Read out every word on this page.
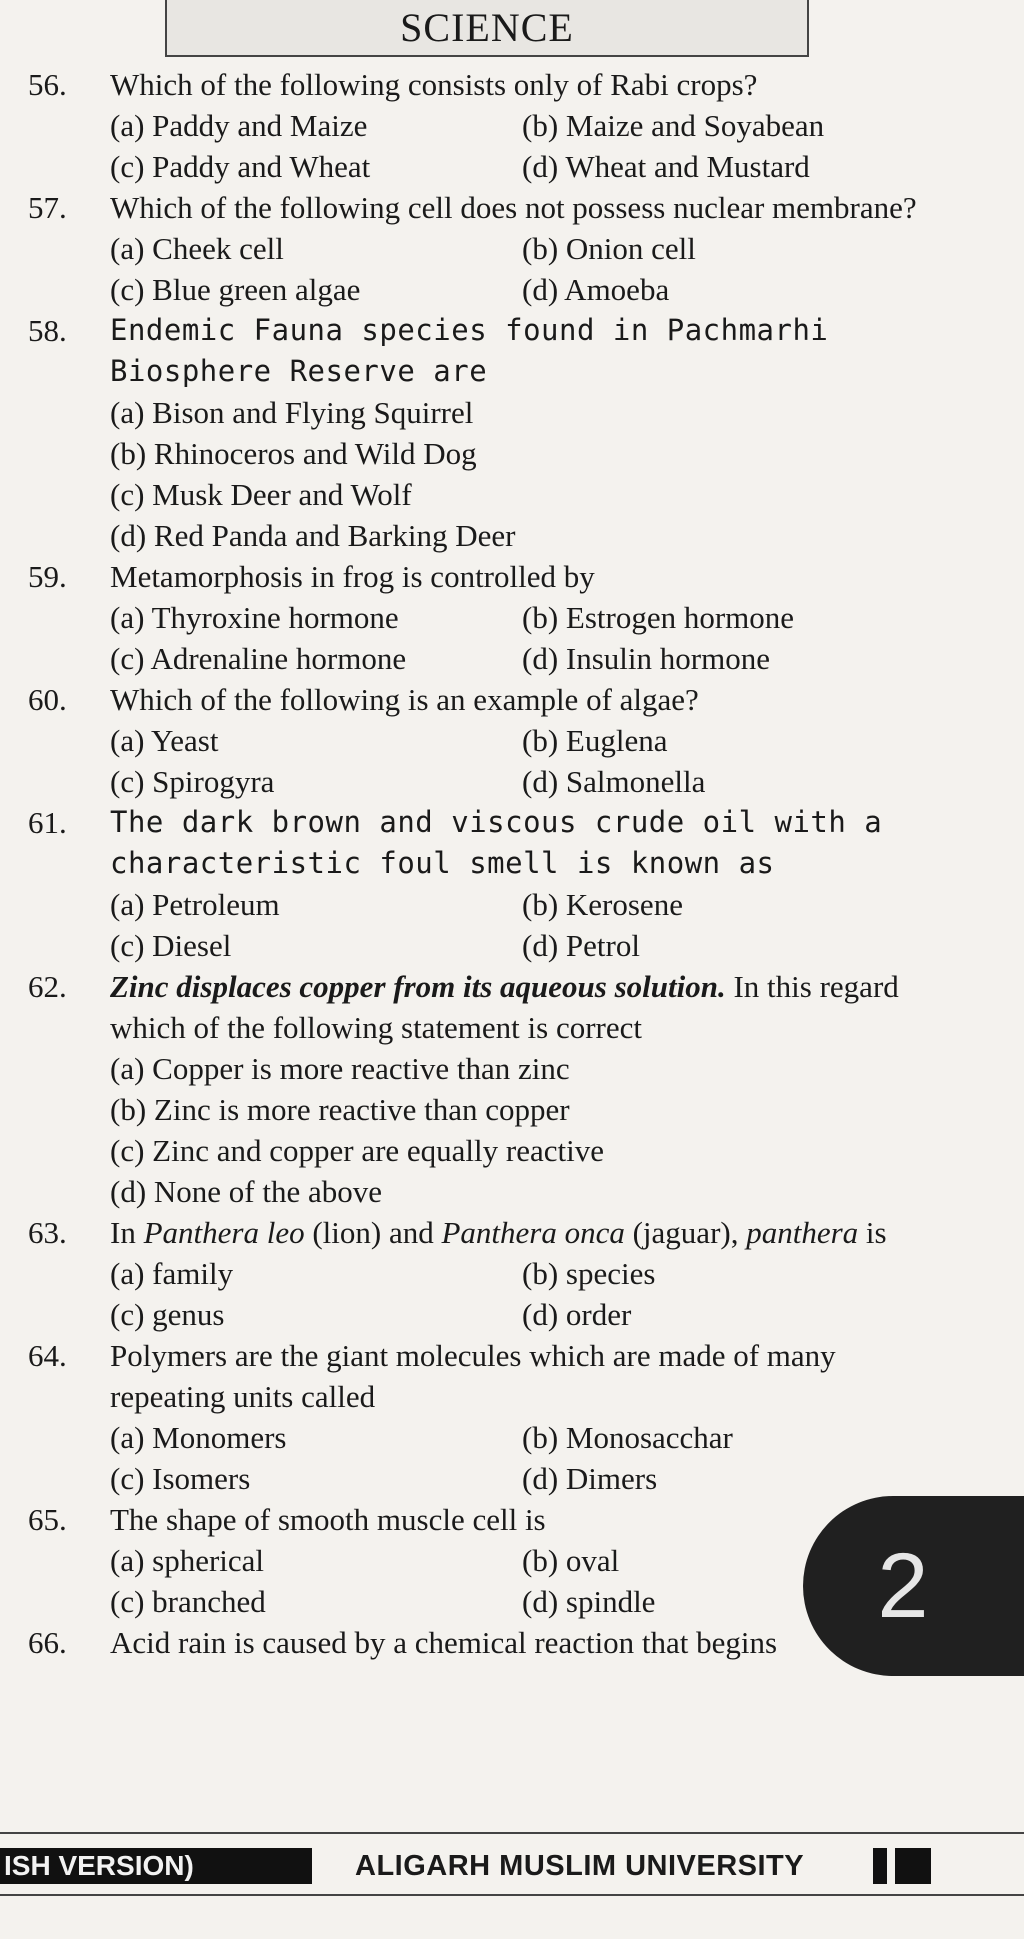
SCIENCE
56.	Which of the following consists only of Rabi crops?
(a) Paddy and Maize	(b) Maize and Soyabean
(c) Paddy and Wheat	(d) Wheat and Mustard
57.	Which of the following cell does not possess nuclear membrane?
(a) Cheek cell	(b) Onion cell
(c) Blue green algae	(d) Amoeba
58.	Endemic Fauna species found in Pachmarhi Biosphere Reserve are
(a) Bison and Flying Squirrel
(b) Rhinoceros and Wild Dog
(c) Musk Deer and Wolf
(d) Red Panda and Barking Deer
59.	Metamorphosis in frog is controlled by
(a) Thyroxine hormone	(b) Estrogen hormone
(c) Adrenaline hormone	(d) Insulin hormone
60.	Which of the following is an example of algae?
(a) Yeast	(b) Euglena
(c) Spirogyra	(d) Salmonella
61.	The dark brown and viscous crude oil with a characteristic foul smell is known as
(a) Petroleum	(b) Kerosene
(c) Diesel	(d) Petrol
62.	Zinc displaces copper from its aqueous solution. In this regard which of the following statement is correct
(a) Copper is more reactive than zinc
(b) Zinc is more reactive than copper
(c) Zinc and copper are equally reactive
(d) None of the above
63.	In Panthera leo (lion) and Panthera onca (jaguar), panthera is
(a) family	(b) species
(c) genus	(d) order
64.	Polymers are the giant molecules which are made of many repeating units called
(a) Monomers	(b) Monosacchar
(c) Isomers	(d) Dimers
65.	The shape of smooth muscle cell is
(a) spherical	(b) oval
(c) branched	(d) spindle
66.	Acid rain is caused by a chemical reaction that begins
2
ISH VERSION)	ALIGARH MUSLIM UNIVERSITY
